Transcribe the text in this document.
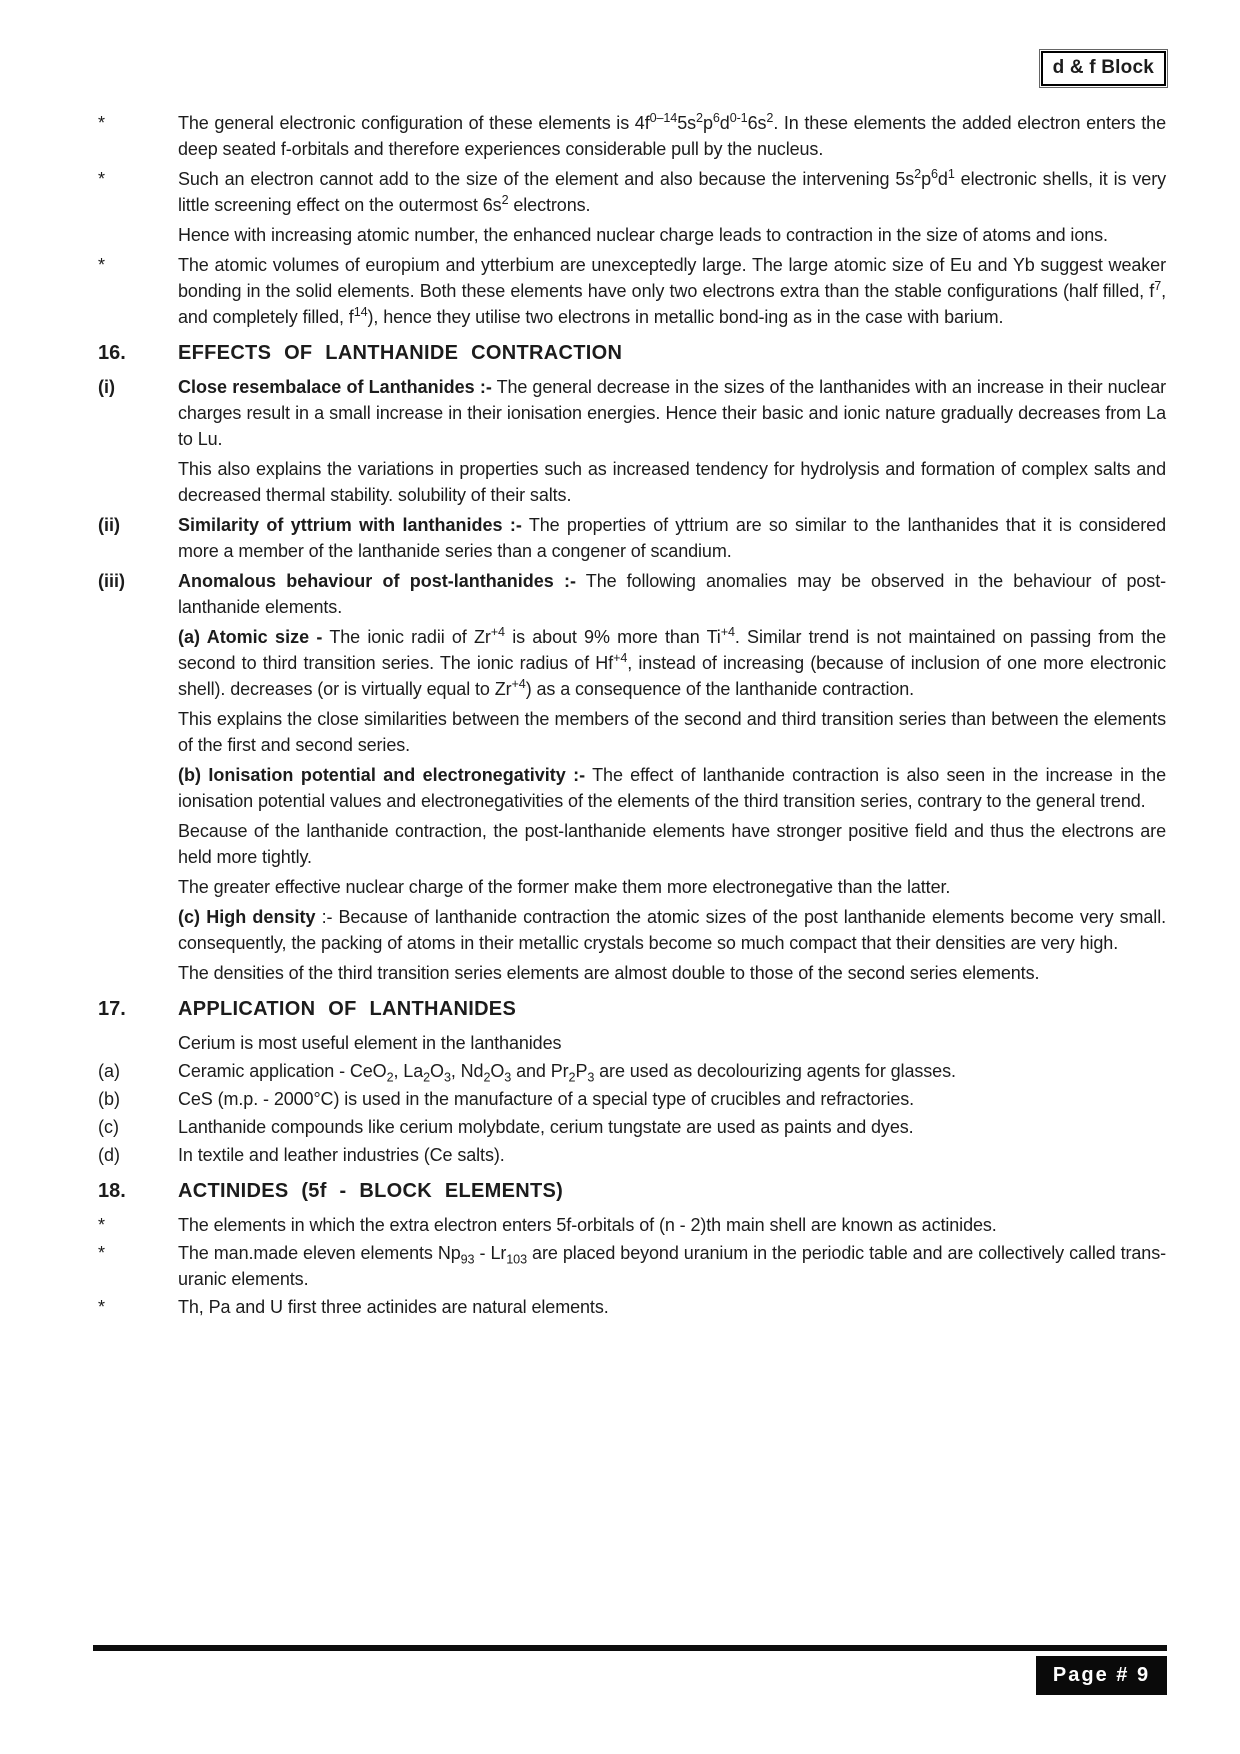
d & f Block
*	The general electronic configuration of these elements is $4f^{0-14}5s^2p^6d^{0-1}6s^2$. In these elements the added electron enters the deep seated f-orbitals and therefore experiences considerable pull by the nucleus.
*	Such an electron cannot add to the size of the element and also because the intervening $5s^2p^6d^1$ electronic shells, it is very little screening effect on the outermost $6s^2$ electrons.
Hence with increasing atomic number, the enhanced nuclear charge leads to contraction in the size of atoms and ions.
*	The atomic volumes of europium and ytterbium are unexceptedly large. The large atomic size of Eu and Yb suggest weaker bonding in the solid elements. Both these elements have only two electrons extra than the stable configurations (half filled, $f^7$, and completely filled, $f^{14}$), hence they utilise two electrons in metallic bond-ing as in the case with barium.
16.	EFFECTS OF LANTHANIDE CONTRACTION
(i)	Close resembalace of Lanthanides :- The general decrease in the sizes of the lanthanides with an increase in their nuclear charges result in a small increase in their ionisation energies. Hence their basic and ionic nature gradually decreases from La to Lu.
This also explains the variations in properties such as increased tendency for hydrolysis and formation of complex salts and decreased thermal stability. solubility of their salts.
(ii)	Similarity of yttrium with lanthanides :- The properties of yttrium are so similar to the lanthanides that it is considered more a member of the lanthanide series than a congener of scandium.
(iii)	Anomalous behaviour of post-lanthanides :- The following anomalies may be observed in the behaviour of post-lanthanide elements.
(a) Atomic size - The ionic radii of $Zr^{+4}$ is about 9% more than $Ti^{+4}$. Similar trend is not maintained on passing from the second to third transition series. The ionic radius of $Hf^{+4}$, instead of increasing (because of inclusion of one more electronic shell). decreases (or is virtually equal to $Zr^{+4}$) as a consequence of the lanthanide contraction.
This explains the close similarities between the members of the second and third transition series than between the elements of the first and second series.
(b) Ionisation potential and electronegativity :- The effect of lanthanide contraction is also seen in the increase in the ionisation potential values and electronegativities of the elements of the third transition series, contrary to the general trend.
Because of the lanthanide contraction, the post-lanthanide elements have stronger positive field and thus the electrons are held more tightly.
The greater effective nuclear charge of the former make them more electronegative than the latter.
(c) High density :- Because of lanthanide contraction the atomic sizes of the post lanthanide elements become very small. consequently, the packing of atoms in their metallic crystals become so much compact that their densities are very high.
The densities of the third transition series elements are almost double to those of the second series elements.
17.	APPLICATION OF LANTHANIDES
Cerium is most useful element in the lanthanides
(a)	Ceramic application - CeO$_2$, $La_2O_3$, $Nd_2O_3$ and $Pr_2P_3$ are used as decolourizing agents for glasses.
(b)	CeS (m.p. - 2000°C) is used in the manufacture of a special type of crucibles and refractories.
(c)	Lanthanide compounds like cerium molybdate, cerium tungstate are used as paints and dyes.
(d)	In textile and leather industries (Ce salts).
18.	ACTINIDES (5f - BLOCK ELEMENTS)
*	The elements in which the extra electron enters 5f-orbitals of (n - 2)th main shell are known as actinides.
*	The man.made eleven elements $Np_{93} - Lr_{103}$ are placed beyond uranium in the periodic table and are collectively called trans-uranic elements.
*	Th, Pa and U first three actinides are natural elements.
Page # 9
